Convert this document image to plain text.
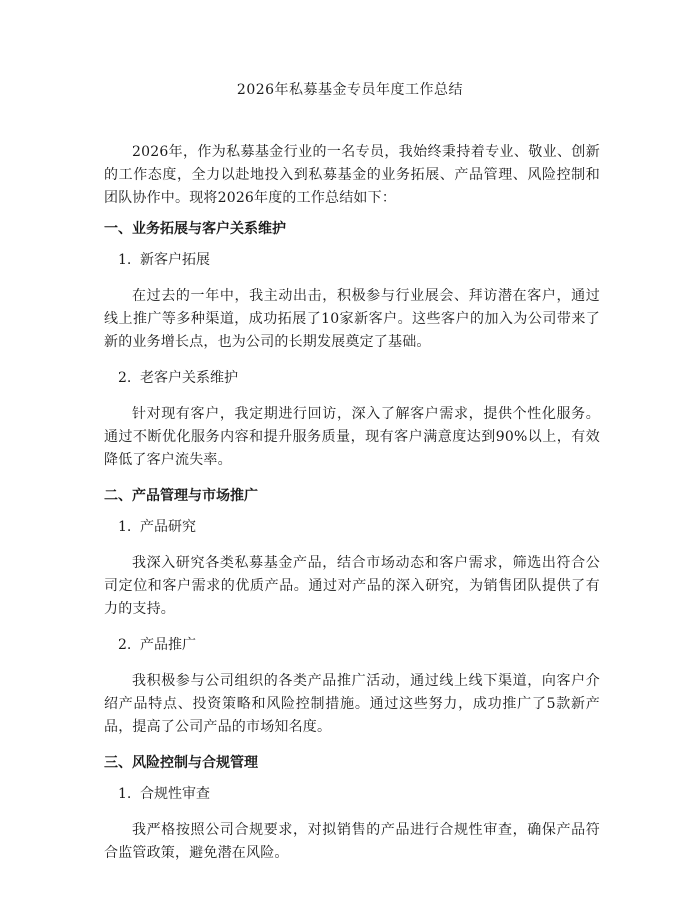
2026年私募基金专员年度工作总结

2026年，作为私募基金行业的一名专员，我始终秉持着专业、敬业、创新的工作态度，全力以赴地投入到私募基金的业务拓展、产品管理、风险控制和团队协作中。现将2026年度的工作总结如下：

一、业务拓展与客户关系维护

1. 新客户拓展

在过去的一年中，我主动出击，积极参与行业展会、拜访潜在客户，通过线上推广等多种渠道，成功拓展了10家新客户。这些客户的加入为公司带来了新的业务增长点，也为公司的长期发展奠定了基础。

2. 老客户关系维护

针对现有客户，我定期进行回访，深入了解客户需求，提供个性化服务。通过不断优化服务内容和提升服务质量，现有客户满意度达到90%以上，有效降低了客户流失率。

二、产品管理与市场推广

1. 产品研究

我深入研究各类私募基金产品，结合市场动态和客户需求，筛选出符合公司定位和客户需求的优质产品。通过对产品的深入研究，为销售团队提供了有力的支持。

2. 产品推广

我积极参与公司组织的各类产品推广活动，通过线上线下渠道，向客户介绍产品特点、投资策略和风险控制措施。通过这些努力，成功推广了5款新产品，提高了公司产品的市场知名度。

三、风险控制与合规管理

1. 合规性审查

我严格按照公司合规要求，对拟销售的产品进行合规性审查，确保产品符合监管政策，避免潜在风险。
